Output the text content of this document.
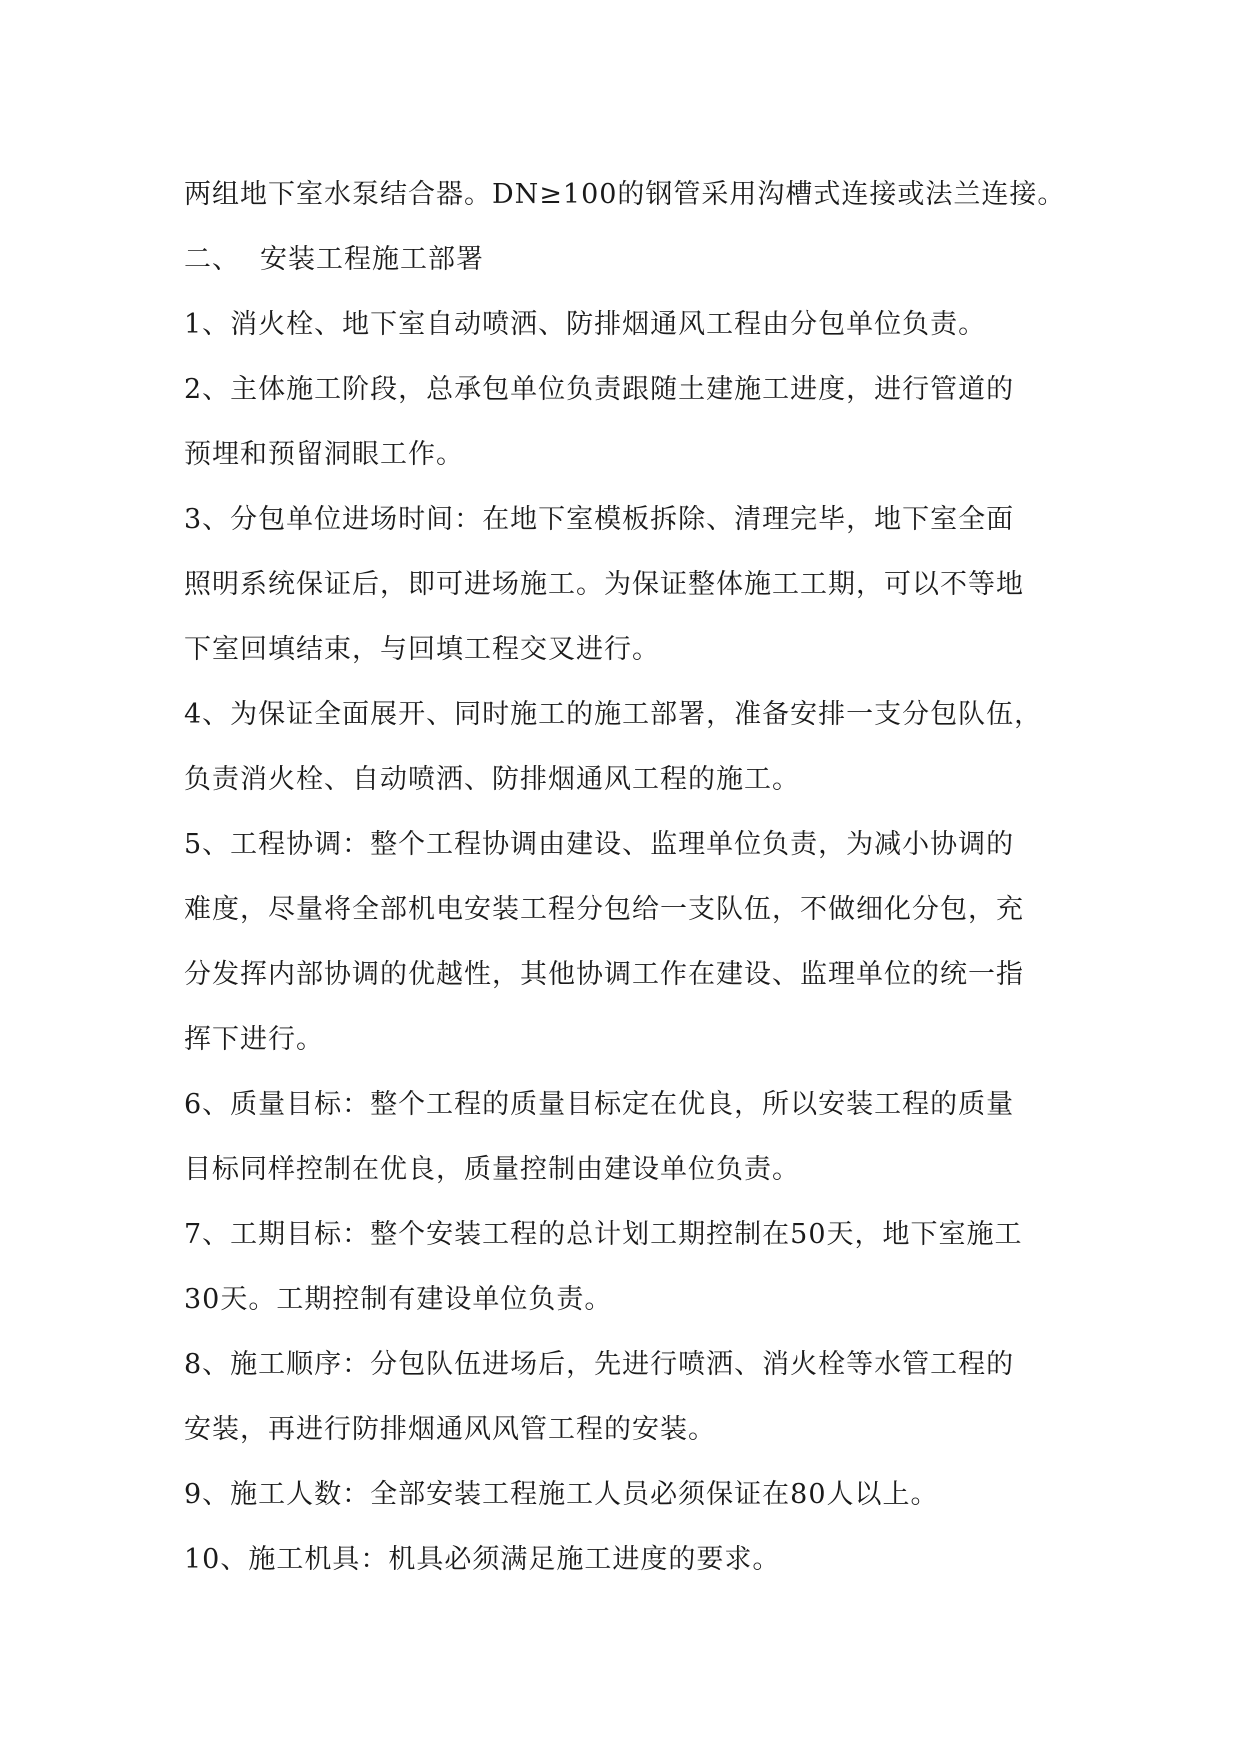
两组地下室水泵结合器。DN≥100的钢管采用沟槽式连接或法兰连接。
二、 安装工程施工部署
1、消火栓、地下室自动喷洒、防排烟通风工程由分包单位负责。
2、主体施工阶段，总承包单位负责跟随土建施工进度，进行管道的
预埋和预留洞眼工作。
3、分包单位进场时间：在地下室模板拆除、清理完毕，地下室全面
照明系统保证后，即可进场施工。为保证整体施工工期，可以不等地
下室回填结束，与回填工程交叉进行。
4、为保证全面展开、同时施工的施工部署，准备安排一支分包队伍，
负责消火栓、自动喷洒、防排烟通风工程的施工。
5、工程协调：整个工程协调由建设、监理单位负责，为减小协调的
难度，尽量将全部机电安装工程分包给一支队伍，不做细化分包，充
分发挥内部协调的优越性，其他协调工作在建设、监理单位的统一指
挥下进行。
6、质量目标：整个工程的质量目标定在优良，所以安装工程的质量
目标同样控制在优良，质量控制由建设单位负责。
7、工期目标：整个安装工程的总计划工期控制在50天，地下室施工
30天。工期控制有建设单位负责。
8、施工顺序：分包队伍进场后，先进行喷洒、消火栓等水管工程的
安装，再进行防排烟通风风管工程的安装。
9、施工人数：全部安装工程施工人员必须保证在80人以上。
10、施工机具：机具必须满足施工进度的要求。
